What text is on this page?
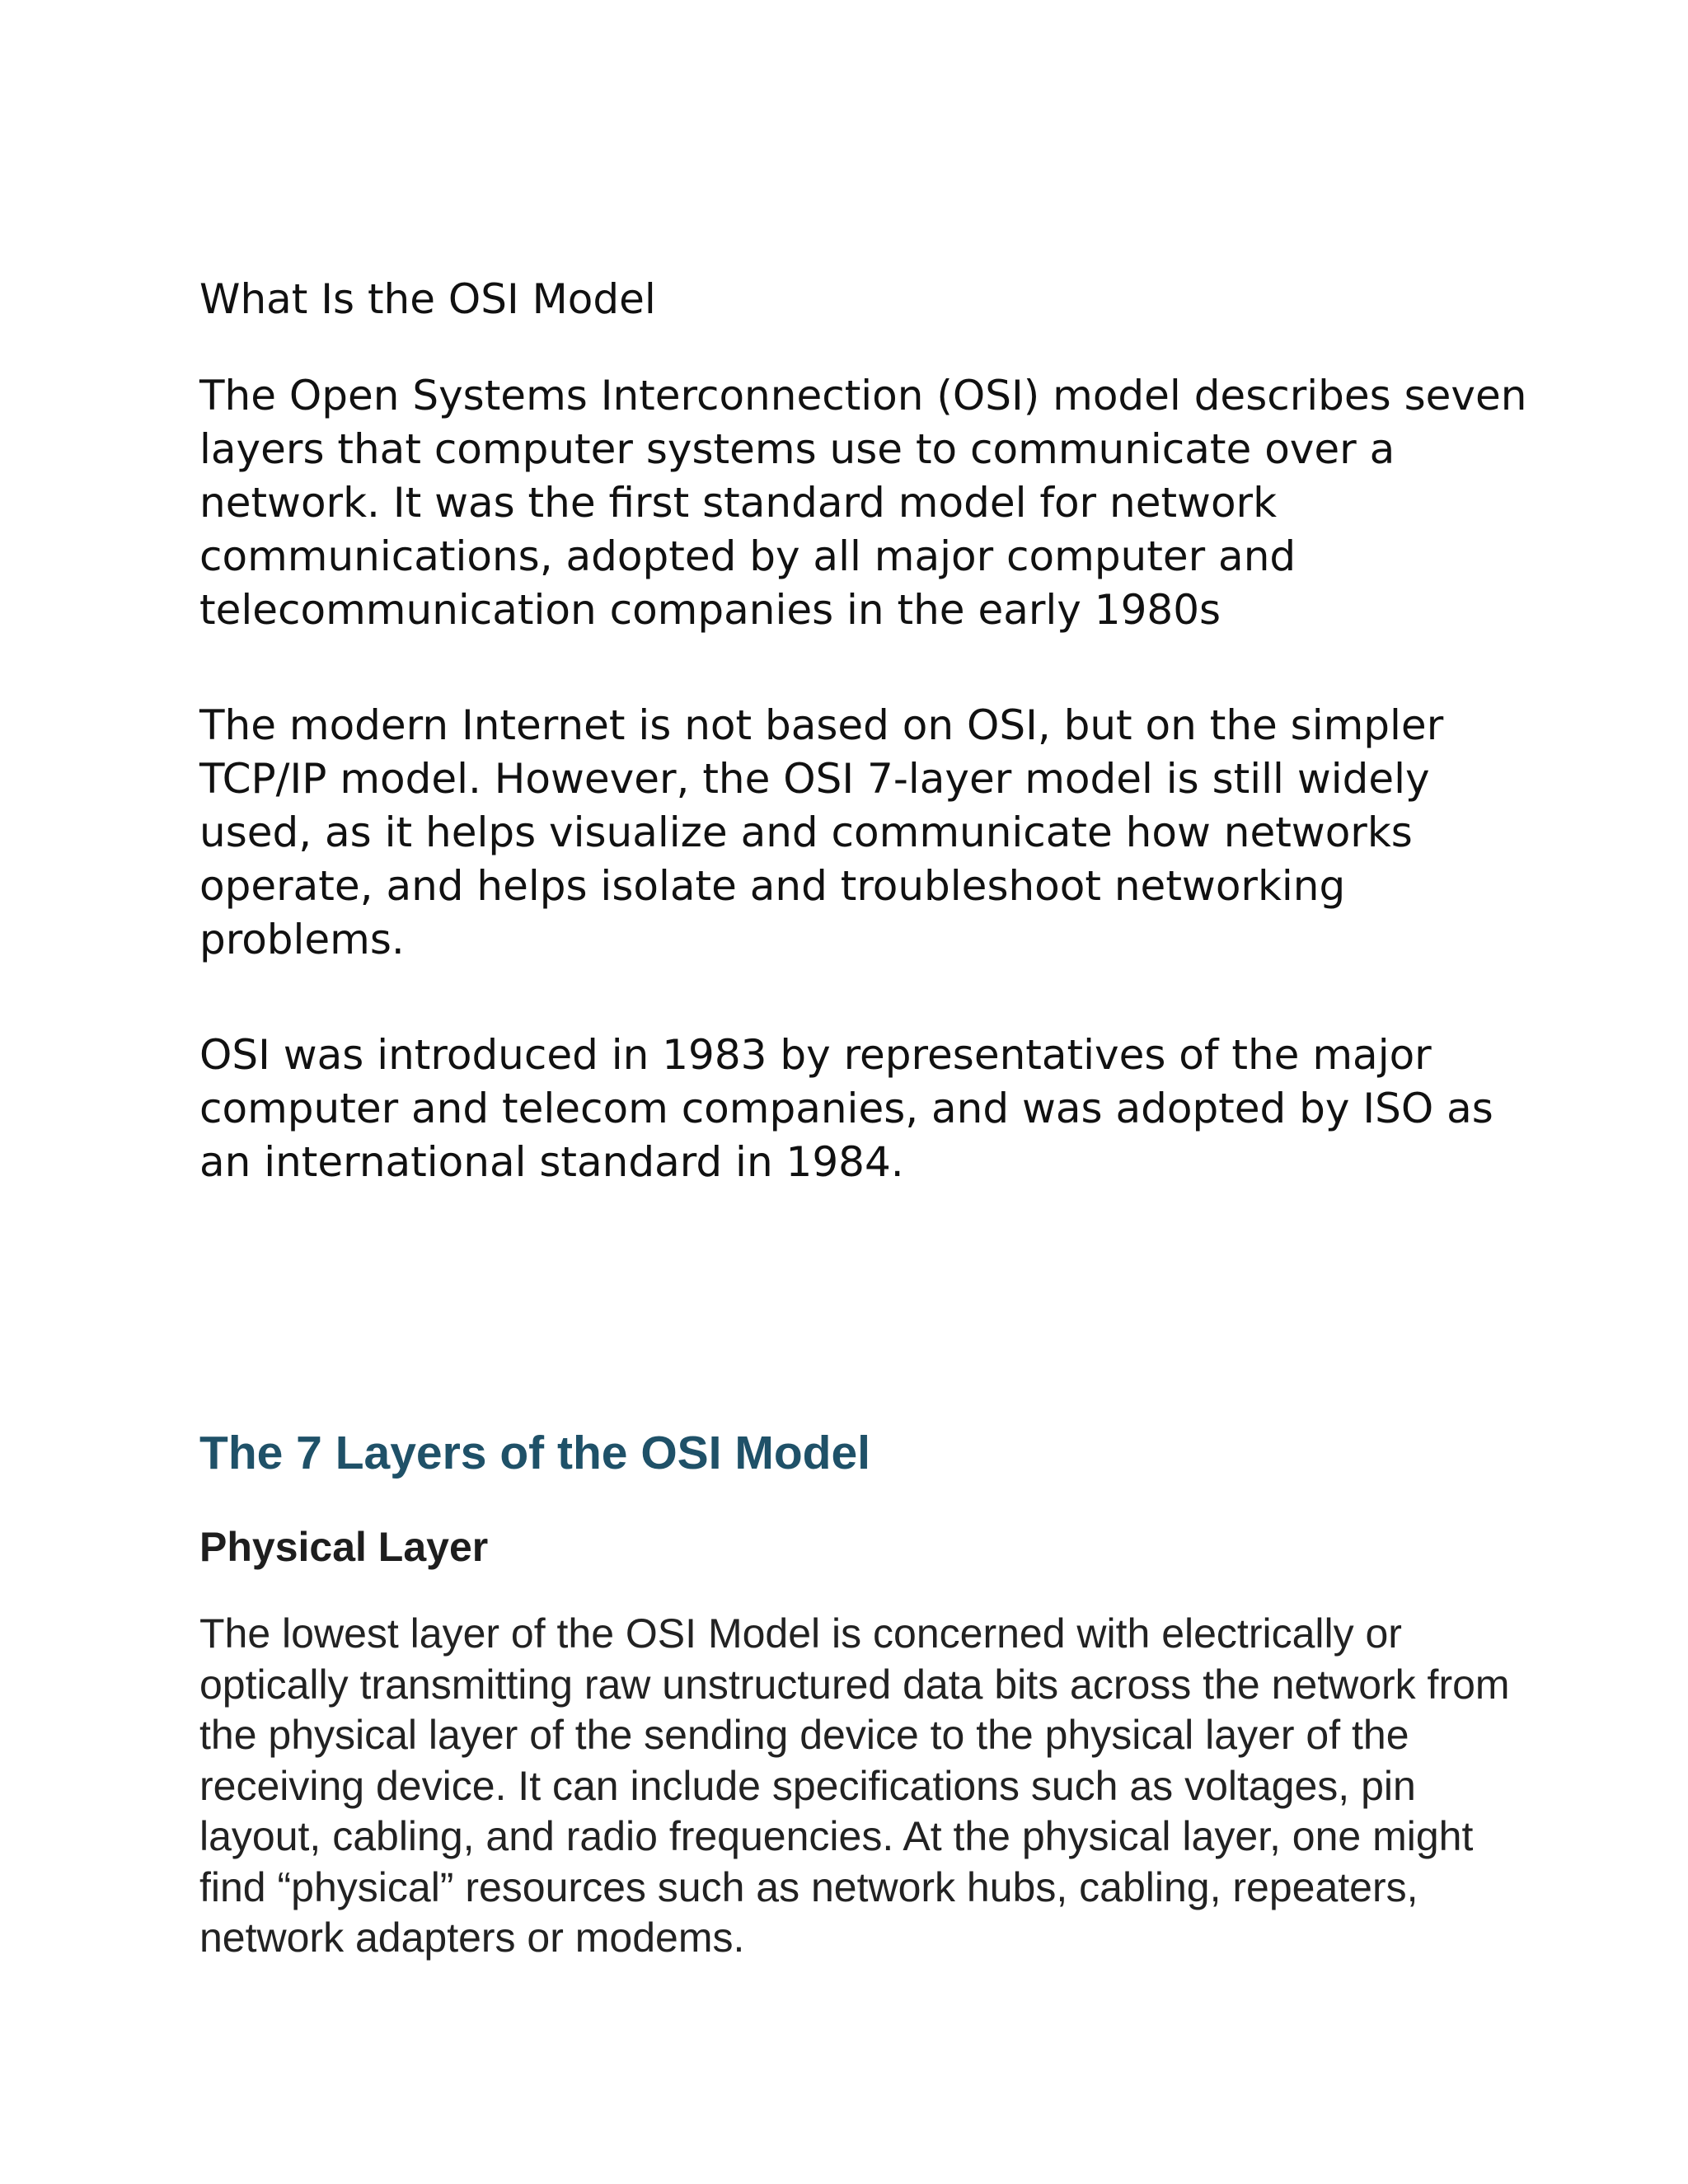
What Is the OSI Model

The Open Systems Interconnection (OSI) model describes seven layers that computer systems use to communicate over a network. It was the first standard model for network communications, adopted by all major computer and telecommunication companies in the early 1980s

The modern Internet is not based on OSI, but on the simpler TCP/IP model. However, the OSI 7-layer model is still widely used, as it helps visualize and communicate how networks operate, and helps isolate and troubleshoot networking problems.

OSI was introduced in 1983 by representatives of the major computer and telecom companies, and was adopted by ISO as an international standard in 1984.

The 7 Layers of the OSI Model
Physical Layer

The lowest layer of the OSI Model is concerned with electrically or optically transmitting raw unstructured data bits across the network from the physical layer of the sending device to the physical layer of the receiving device. It can include specifications such as voltages, pin layout, cabling, and radio frequencies. At the physical layer, one might find “physical” resources such as network hubs, cabling, repeaters, network adapters or modems.
